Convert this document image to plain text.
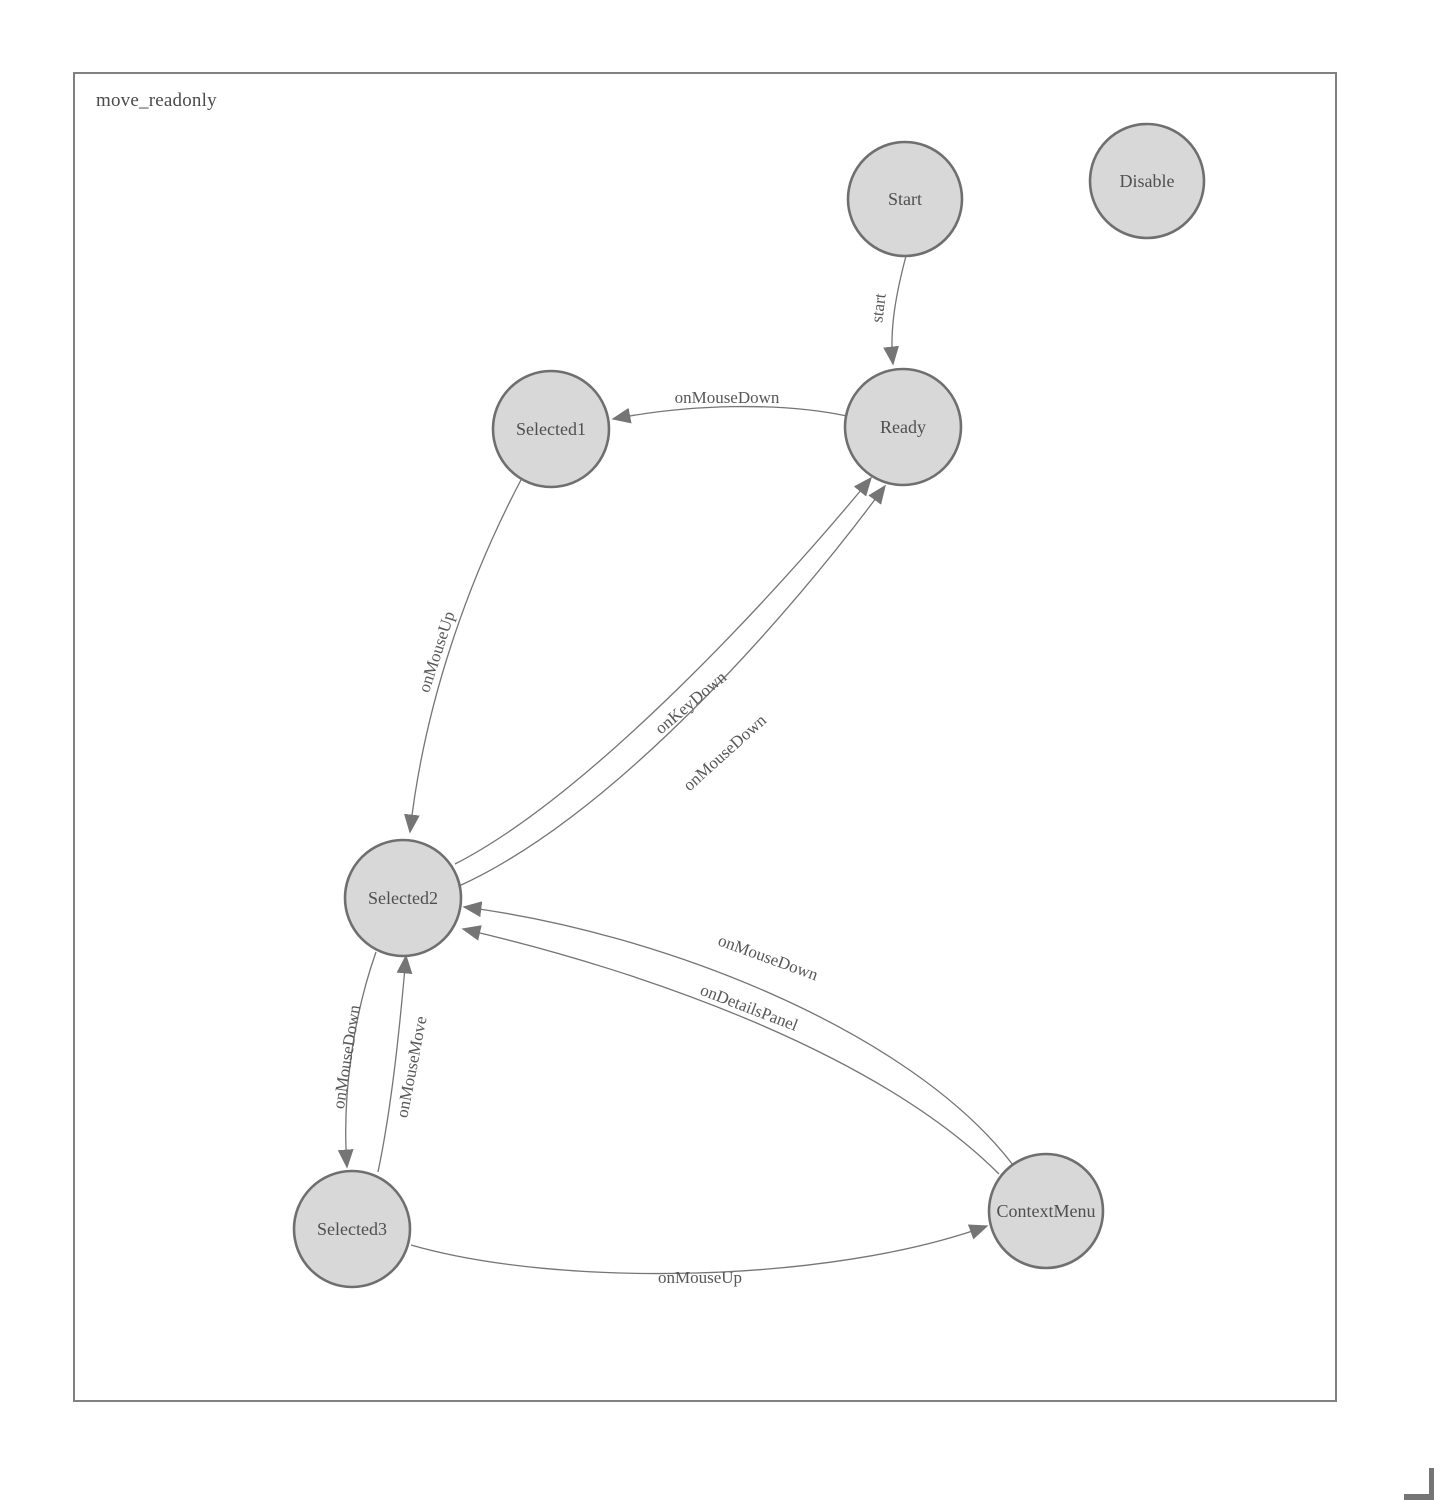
move_readonly
start
onMouseDown
onMouseUp
onKeyDown
onMouseDown
onMouseDown
onDetailsPanel
onMouseDown onMouseMove
onMouseUp
Start
Disable
Ready
Selected1
Selected2
Selected3
ContextMenu
